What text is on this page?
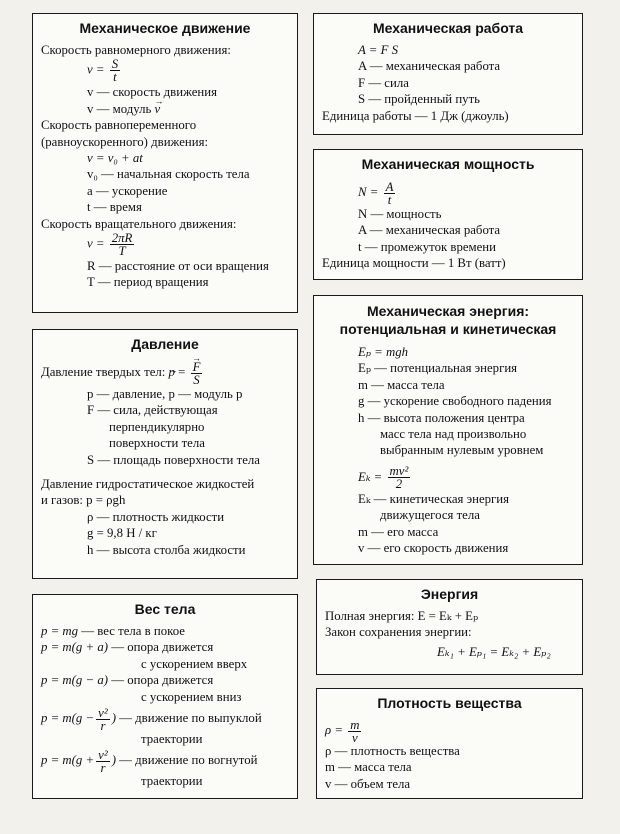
Механическое движение
Скорость равномерного движения:
$v = \frac{S}{t}$
v — скорость движения
v — модуль → v
Скорость равнопеременного
(равноускоренного) движения:
v = v₀ + at
v₀ — начальная скорость тела
a — ускорение
t — время
Скорость вращательного движения:
$v = \frac{2\pi R}{T}$
R — расстояние от оси вращения
T — период вращения
Давление
Давление твердых тел: → p = → $\frac{F}{S}$
p — давление, p — модуль p
F — сила, действующая
перпендикулярно
поверхности тела
S — площадь поверхности тела
Давление гидростатическое жидкостей
и газов: p = ρgh
ρ — плотность жидкости
g = 9,8 Н / кг
h — высота столба жидкости
Вес тела
p = mg — вес тела в покое
p = m(g + a) — опора движется
с ускорением вверх
p = m(g − a) — опора движется
с ускорением вниз
$p = m(g - \frac{\text{v²}}{r}$ ) — движение по выпуклой
траектории
$p = m(g + \frac{\text{v²}}{r}$ ) — движение по вогнутой
траектории
Механическая работа
A = F S
A — механическая работа
F — сила
S — пройденный путь
Единица работы — 1 Дж (джоуль)
Механическая мощность
$N = \frac{A}{t}$
N — мощность
A — механическая работа
t — промежуток времени
Единица мощности — 1 Вт (ватт)
Механическая энергия:
потенциальная и кинетическая
Eₚ = mgh
Eₚ — потенциальная энергия
m — масса тела
g — ускорение свободного падения
h — высота положения центра
масс тела над произвольно
выбранным нулевым уровнем
$E_k = \frac{\text{mv²}}{2}$
Eₖ — кинетическая энергия
движущегося тела
m — его масса
v — его скорость движения
Энергия
Полная энергия: E = Eₖ + Eₚ
Закон сохранения энергии:
Eₖ₁ + Eₚ₁ = Eₖ₂ + Eₚ₂
Плотность вещества
$\rho = \frac{m}{v}$
ρ — плотность вещества
m — масса тела
v — объем тела
